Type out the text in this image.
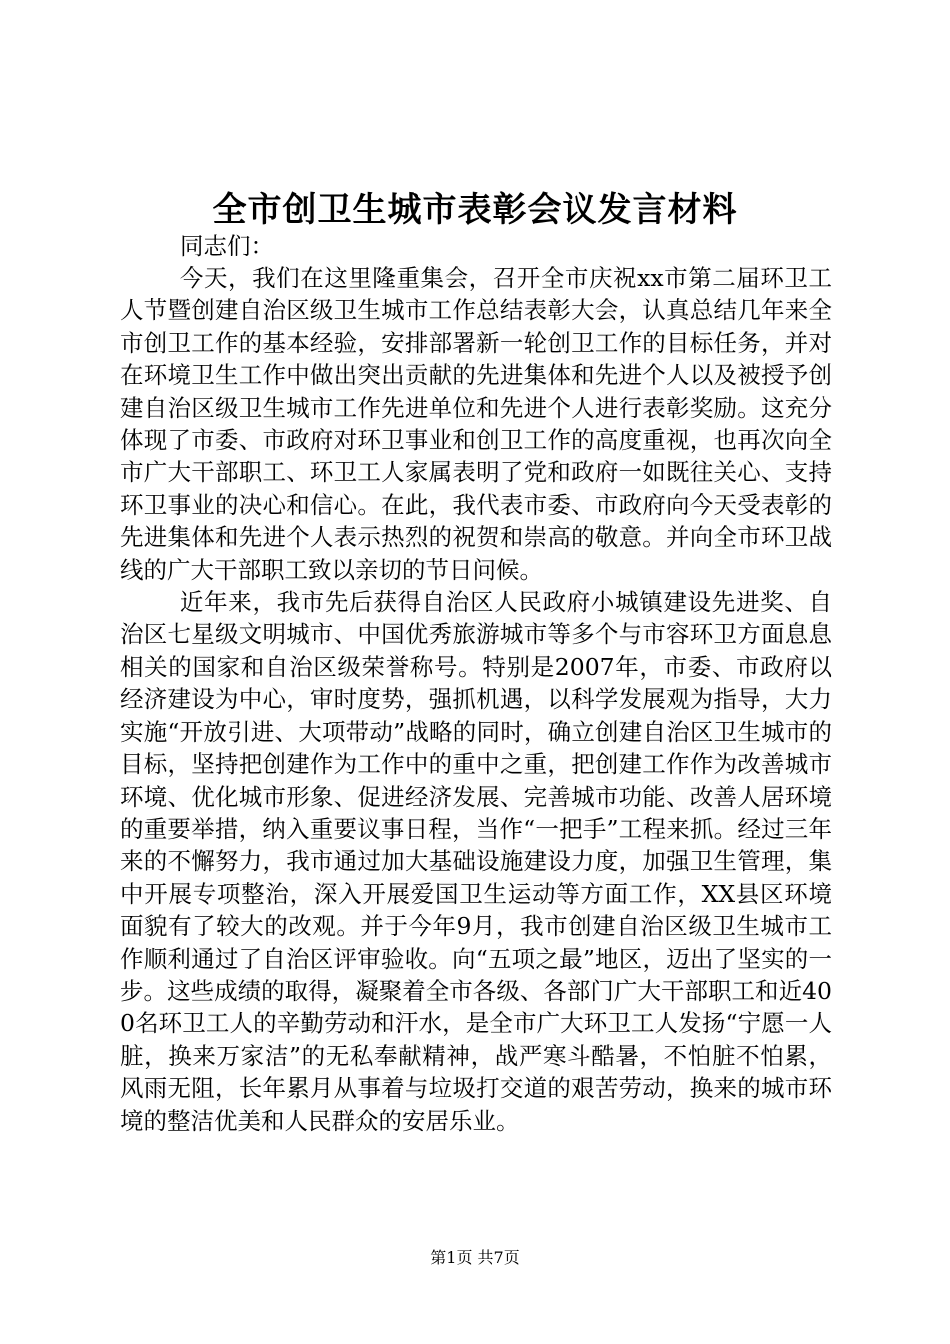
全市创卫生城市表彰会议发言材料
同志们：

今天，我们在这里隆重集会，召开全市庆祝xx市第二届环卫工人节暨创建自治区级卫生城市工作总结表彰大会，认真总结几年来全市创卫工作的基本经验，安排部署新一轮创卫工作的目标任务，并对在环境卫生工作中做出突出贡献的先进集体和先进个人以及被授予创建自治区级卫生城市工作先进单位和先进个人进行表彰奖励。这充分体现了市委、市政府对环卫事业和创卫工作的高度重视，也再次向全市广大干部职工、环卫工人家属表明了党和政府一如既往关心、支持环卫事业的决心和信心。在此，我代表市委、市政府向今天受表彰的先进集体和先进个人表示热烈的祝贺和崇高的敬意。并向全市环卫战线的广大干部职工致以亲切的节日问候。

近年来，我市先后获得自治区人民政府小城镇建设先进奖、自治区七星级文明城市、中国优秀旅游城市等多个与市容环卫方面息息相关的国家和自治区级荣誉称号。特别是2007年，市委、市政府以经济建设为中心，审时度势，强抓机遇，以科学发展观为指导，大力实施“开放引进、大项带动”战略的同时，确立创建自治区卫生城市的目标，坚持把创建作为工作中的重中之重，把创建工作作为改善城市环境、优化城市形象、促进经济发展、完善城市功能、改善人居环境的重要举措，纳入重要议事日程，当作“一把手”工程来抓。经过三年来的不懈努力，我市通过加大基础设施建设力度，加强卫生管理，集中开展专项整治，深入开展爱国卫生运动等方面工作，XX县区环境面貌有了较大的改观。并于今年9月，我市创建自治区级卫生城市工作顺利通过了自治区评审验收。向“五项之最”地区，迈出了坚实的一步。这些成绩的取得，凝聚着全市各级、各部门广大干部职工和近400名环卫工人的辛勤劳动和汗水，是全市广大环卫工人发扬“宁愿一人脏，换来万家洁”的无私奉献精神，战严寒斗酷暑，不怕脏不怕累，风雨无阻，长年累月从事着与垃圾打交道的艰苦劳动，换来的城市环境的整洁优美和人民群众的安居乐业。

第1页 共7页
